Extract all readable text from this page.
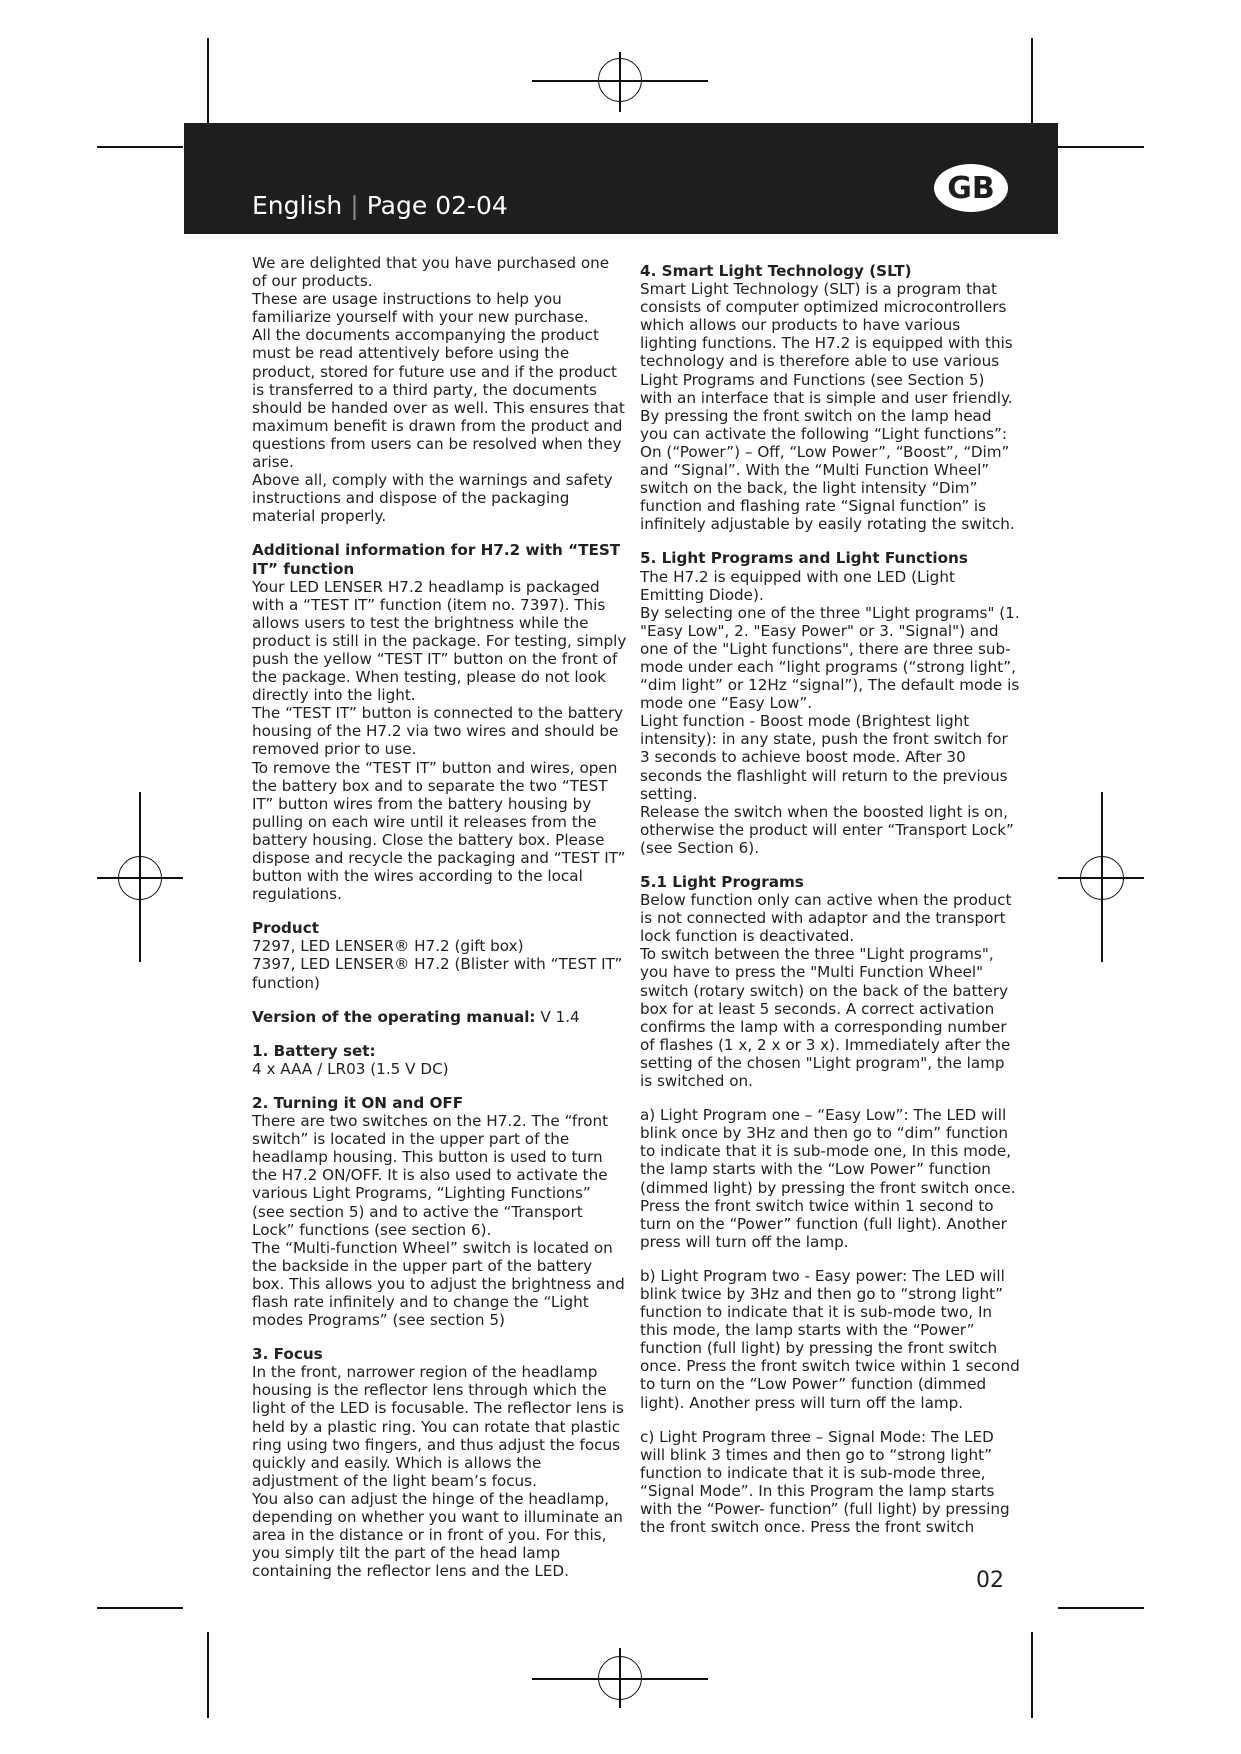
English | Page 02-04	GB

We are delighted that you have purchased one of our products.

These are usage instructions to help you familiarize yourself with your new purchase.

All the documents accompanying the product must be read attentively before using the product, stored for future use and if the product is transferred to a third party, the documents should be handed over as well. This ensures that maximum benefit is drawn from the product and questions from users can be resolved when they arise.

Above all, comply with the warnings and safety instructions and dispose of the packaging material properly.

Additional information for H7.2 with “TEST IT” function

Your LED LENSER H7.2 headlamp is packaged with a “TEST IT” function (item no. 7397). This allows users to test the brightness while the product is still in the package. For testing, simply push the yellow “TEST IT” button on the front of the package. When testing, please do not look directly into the light.

The “TEST IT” button is connected to the battery housing of the H7.2 via two wires and should be removed prior to use.

To remove the “TEST IT” button and wires, open the battery box and to separate the two “TEST IT” button wires from the battery housing by pulling on each wire until it releases from the battery housing. Close the battery box. Please dispose and recycle the packaging and “TEST IT” button with the wires according to the local regulations.

Product

7297, LED LENSER® H7.2 (gift box)

7397, LED LENSER® H7.2 (Blister with “TEST IT” function)

Version of the operating manual: V 1.4

1. Battery set:

4 x AAA / LR03 (1.5 V DC)

2. Turning it ON and OFF

There are two switches on the H7.2. The “front switch” is located in the upper part of the headlamp housing. This button is used to turn the H7.2 ON/OFF. It is also used to activate the various Light Programs, “Lighting Functions” (see section 5) and to active the “Transport Lock” functions (see section 6).

The “Multi-function Wheel” switch is located on the backside in the upper part of the battery box. This allows you to adjust the brightness and flash rate infinitely and to change the “Light modes Programs” (see section 5)

3. Focus

In the front, narrower region of the headlamp housing is the reflector lens through which the light of the LED is focusable. The reflector lens is held by a plastic ring. You can rotate that plastic ring using two fingers, and thus adjust the focus quickly and easily. Which is allows the adjustment of the light beam’s focus.

You also can adjust the hinge of the headlamp, depending on whether you want to illuminate an area in the distance or in front of you. For this, you simply tilt the part of the head lamp containing the reflector lens and the LED.

4. Smart Light Technology (SLT)

Smart Light Technology (SLT) is a program that consists of computer optimized microcontrollers which allows our products to have various lighting functions. The H7.2 is equipped with this technology and is therefore able to use various Light Programs and Functions (see Section 5) with an interface that is simple and user friendly. By pressing the front switch on the lamp head you can activate the following “Light functions”: On (“Power”) – Off, “Low Power”, “Boost”, “Dim” and “Signal”. With the “Multi Function Wheel” switch on the back, the light intensity “Dim” function and flashing rate “Signal function” is infinitely adjustable by easily rotating the switch.

5. Light Programs and Light Functions

The H7.2 is equipped with one LED (Light Emitting Diode).

By selecting one of the three "Light programs" (1. "Easy Low", 2. "Easy Power" or 3. "Signal") and one of the "Light functions", there are three sub-mode under each “light programs (“strong light”, “dim light” or 12Hz “signal”), The default mode is mode one “Easy Low”.

Light function - Boost mode (Brightest light intensity): in any state, push the front switch for 3 seconds to achieve boost mode. After 30 seconds the flashlight will return to the previous setting.

Release the switch when the boosted light is on, otherwise the product will enter “Transport Lock” (see Section 6).

5.1 Light Programs

Below function only can active when the product is not connected with adaptor and the transport lock function is deactivated.

To switch between the three "Light programs", you have to press the "Multi Function Wheel" switch (rotary switch) on the back of the battery box for at least 5 seconds. A correct activation confirms the lamp with a corresponding number of flashes (1 x, 2 x or 3 x). Immediately after the setting of the chosen "Light program", the lamp is switched on.

a) Light Program one – “Easy Low”: The LED will blink once by 3Hz and then go to “dim” function to indicate that it is sub-mode one, In this mode, the lamp starts with the “Low Power” function (dimmed light) by pressing the front switch once. Press the front switch twice within 1 second to turn on the “Power” function (full light). Another press will turn off the lamp.

b) Light Program two - Easy power: The LED will blink twice by 3Hz and then go to “strong light” function to indicate that it is sub-mode two, In this mode, the lamp starts with the “Power” function (full light) by pressing the front switch once. Press the front switch twice within 1 second to turn on the “Low Power” function (dimmed light). Another press will turn off the lamp.

c) Light Program three – Signal Mode: The LED will blink 3 times and then go to “strong light” function to indicate that it is sub-mode three, “Signal Mode”. In this Program the lamp starts with the “Power- function” (full light) by pressing the front switch once. Press the front switch

02
